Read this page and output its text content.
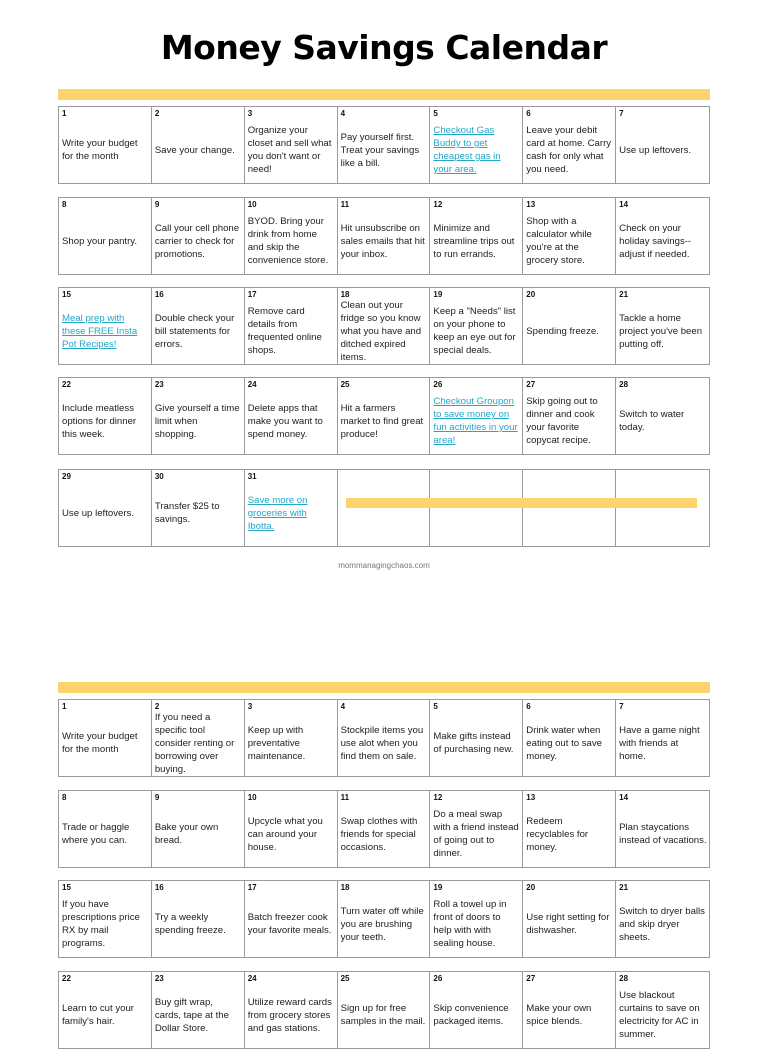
Money Savings Calendar
1
Write your budget for the month
2
Save your change.
3
Organize your closet and sell what you don't want or need!
4
Pay yourself first. Treat your savings like a bill.
5
Checkout Gas Buddy to get cheapest gas in your area.
6
Leave your debit card at home. Carry cash for only what you need.
7
Use up leftovers.
8
Shop your pantry.
9
Call your cell phone carrier to check for promotions.
10
BYOD. Bring your drink from home and skip the convenience store.
11
Hit unsubscribe on sales emails that hit your inbox.
12
Minimize and streamline trips out to run errands.
13
Shop with a calculator while you're at the grocery store.
14
Check on your holiday savings--adjust if needed.
15
Meal prep with these FREE Insta Pot Recipes!
16
Double check your bill statements for errors.
17
Remove card details from frequented online shops.
18
Clean out your fridge so you know what you have and ditched expired items.
19
Keep a "Needs" list on your phone to keep an eye out for special deals.
20
Spending freeze.
21
Tackle a home project you've been putting off.
22
Include meatless options for dinner this week.
23
Give yourself a time limit when shopping.
24
Delete apps that make you want to spend money.
25
Hit a farmers market to find great produce!
26
Checkout Groupon to save money on fun activities in your area!
27
Skip going out to dinner and cook your favorite copycat recipe.
28
Switch to water today.
29
Use up leftovers.
30
Transfer $25 to savings.
31
Save more on groceries with Ibotta.
mommanagingchaos.com
1
Write your budget for the month
2
If you need a specific tool consider renting or borrowing over buying.
3
Keep up with preventative maintenance.
4
Stockpile items you use alot when you find them on sale.
5
Make gifts instead of purchasing new.
6
Drink water when eating out to save money.
7
Have a game night with friends at home.
8
Trade or haggle where you can.
9
Bake your own bread.
10
Upcycle what you can around your house.
11
Swap clothes with friends for special occasions.
12
Do a meal swap with a friend instead of going out to dinner.
13
Redeem recyclables for money.
14
Plan staycations instead of vacations.
15
If you have prescriptions price RX by mail programs.
16
Try a weekly spending freeze.
17
Batch freezer cook your favorite meals.
18
Turn water off while you are brushing your teeth.
19
Roll a towel up in front of doors to help with with sealing house.
20
Use right setting for dishwasher.
21
Switch to dryer balls and skip dryer sheets.
22
Learn to cut your family's hair.
23
Buy gift wrap, cards, tape at the Dollar Store.
24
Utilize reward cards from grocery stores and gas stations.
25
Sign up for free samples in the mail.
26
Skip convenience packaged items.
27
Make your own spice blends.
28
Use blackout curtains to save on electricity for AC in summer.
